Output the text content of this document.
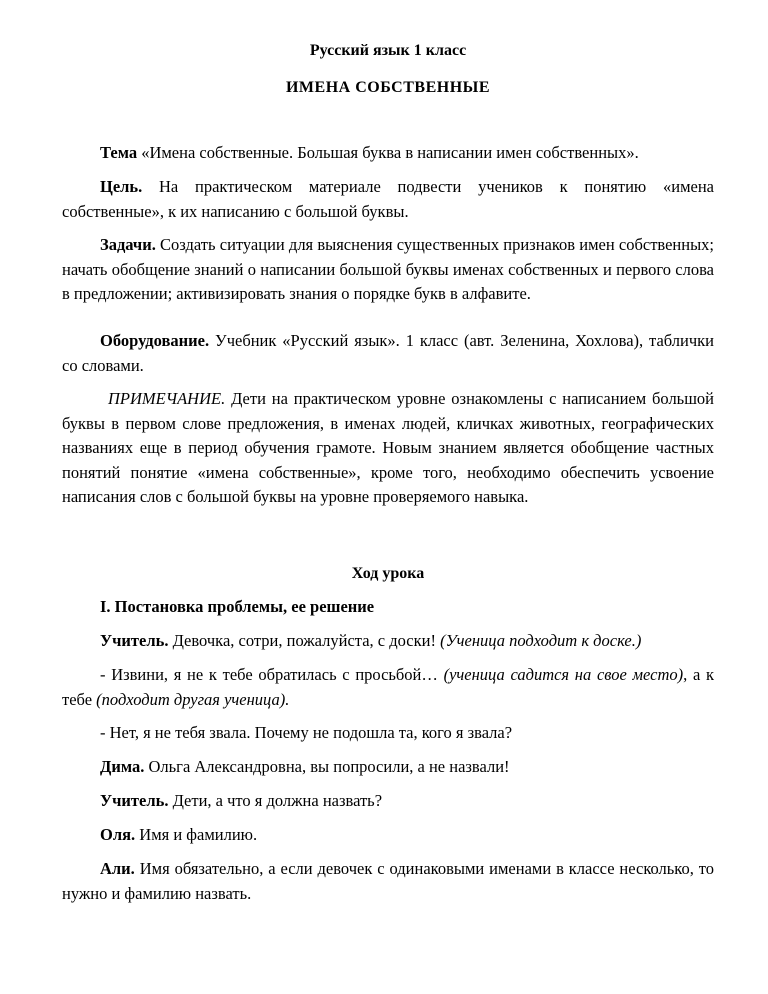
Русский язык 1 класс
ИМЕНА СОБСТВЕННЫЕ

Тема «Имена собственные. Большая буква в написании имен собственных».

Цель. На практическом материале подвести учеников к понятию «имена собственные», к их написанию с большой буквы.

Задачи. Создать ситуации для выяснения существенных признаков имен собственных; начать обобщение знаний о написании большой буквы именах собственных и первого слова в предложении; активизировать знания о порядке букв в алфавите.

Оборудование. Учебник «Русский язык». 1 класс (авт. Зеленина, Хохлова), таблички со словами.

ПРИМЕЧАНИЕ. Дети на практическом уровне ознакомлены с написанием большой буквы в первом слове предложения, в именах людей, кличках животных, географических названиях еще в период обучения грамоте. Новым знанием является обобщение частных понятий понятие «имена собственные», кроме того, необходимо обеспечить усвоение написания слов с большой буквы на уровне проверяемого навыка.

Ход урока
I. Постановка проблемы, ее решение

Учитель. Девочка, сотри, пожалуйста, с доски! (Ученица подходит к доске.)

- Извини, я не к тебе обратилась с просьбой… (ученица садится на свое место), а к тебе (подходит другая ученица).

- Нет, я не тебя звала. Почему не подошла та, кого я звала?

Дима. Ольга Александровна, вы попросили, а не назвали!

Учитель. Дети, а что я должна назвать?

Оля. Имя и фамилию.

Али. Имя обязательно, а если девочек с одинаковыми именами в классе несколько, то нужно и фамилию назвать.
